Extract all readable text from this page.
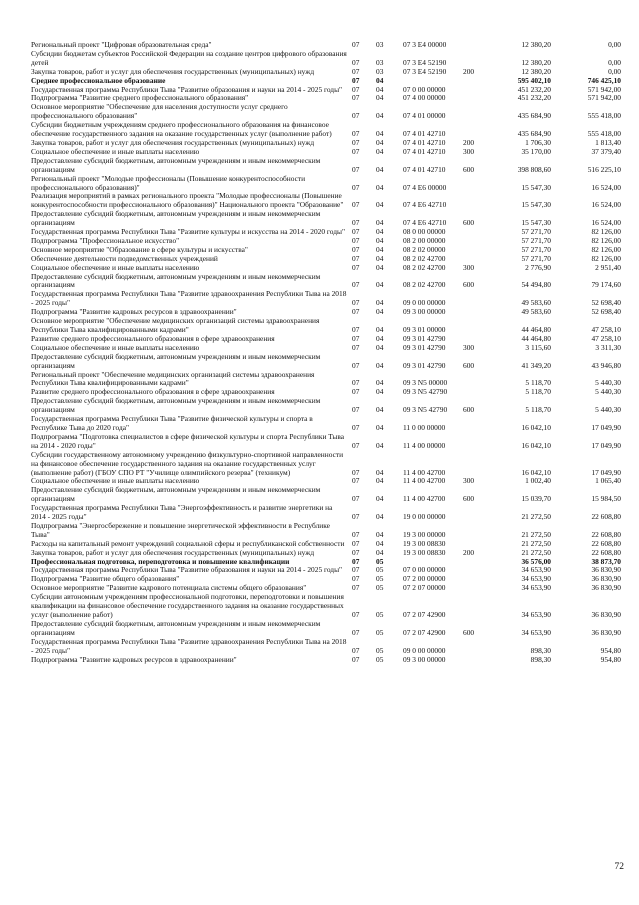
Региональный проект "Цифровая образовательная среда"	07	03	07 3 E4 00000		12 380,20	0,00
Субсидии бюджетам субъектов Российской Федерации на создание центров цифрового образования детей	07	03	07 3 E4 52190		12 380,20	0,00
Закупка товаров, работ и услуг для обеспечения государственных (муниципальных) нужд	07	03	07 3 E4 52190	200	12 380,20	0,00
Среднее профессиональное образование	07	04			595 402,10	746 425,10
Государственная программа Республики Тыва "Развитие образования и науки на 2014 - 2025 годы"	07	04	07 0 00 00000		451 232,20	571 942,00
Подпрограмма "Развитие среднего профессионального образования"	07	04	07 4 00 00000		451 232,20	571 942,00
Основное мероприятие "Обеспечение для населения доступности услуг среднего профессионального образования"	07	04	07 4 01 00000		435 684,90	555 418,00
Субсидии бюджетным учреждениям среднего профессионального образования на финансовое обеспечение государственного задания на оказание государственных услуг (выполнение работ)	07	04	07 4 01 42710		435 684,90	555 418,00
Закупка товаров, работ и услуг для обеспечения государственных (муниципальных) нужд	07	04	07 4 01 42710	200	1 706,30	1 813,40
Социальное обеспечение и иные выплаты населению	07	04	07 4 01 42710	300	35 170,00	37 379,40
Предоставление субсидий бюджетным, автономным учреждениям и иным некоммерческим организациям	07	04	07 4 01 42710	600	398 808,60	516 225,10
Региональный проект "Молодые профессионалы (Повышение конкурентоспособности профессионального образования)"	07	04	07 4 E6 00000		15 547,30	16 524,00
Реализация мероприятий в рамках регионального проекта "Молодые профессионалы (Повышение конкурентоспособности профессионального образования)" Национального проекта "Образование"	07	04	07 4 E6 42710		15 547,30	16 524,00
Предоставление субсидий бюджетным, автономным учреждениям и иным некоммерческим организациям	07	04	07 4 E6 42710	600	15 547,30	16 524,00
Государственная программа Республики Тыва "Развитие культуры и искусства на 2014 - 2020 годы"	07	04	08 0 00 00000		57 271,70	82 126,00
Подпрограмма "Профессиональное искусство"	07	04	08 2 00 00000		57 271,70	82 126,00
Основное мероприятие "Образование в сфере культуры и искусства"	07	04	08 2 02 00000		57 271,70	82 126,00
Обеспечение деятельности подведомственных учреждений	07	04	08 2 02 42700		57 271,70	82 126,00
Социальное обеспечение и иные выплаты населению	07	04	08 2 02 42700	300	2 776,90	2 951,40
Предоставление субсидий бюджетным, автономным учреждениям и иным некоммерческим организациям	07	04	08 2 02 42700	600	54 494,80	79 174,60
Государственная программа Республики Тыва "Развитие здравоохранения Республики Тыва на 2018 - 2025 годы"	07	04	09 0 00 00000		49 583,60	52 698,40
Подпрограмма "Развитие кадровых ресурсов в здравоохранении"	07	04	09 3 00 00000		49 583,60	52 698,40
Основное мероприятие "Обеспечение медицинских организаций системы здравоохранения Республики Тыва квалифицированными кадрами"	07	04	09 3 01 00000		44 464,80	47 258,10
Развитие среднего профессионального образования в сфере здравоохранения	07	04	09 3 01 42790		44 464,80	47 258,10
Социальное обеспечение и иные выплаты населению	07	04	09 3 01 42790	300	3 115,60	3 311,30
Предоставление субсидий бюджетным, автономным учреждениям и иным некоммерческим организациям	07	04	09 3 01 42790	600	41 349,20	43 946,80
Региональный проект "Обеспечение медицинских организаций системы здравоохранения Республики Тыва квалифицированными кадрами"	07	04	09 3 N5 00000		5 118,70	5 440,30
Развитие среднего профессионального образования в сфере здравоохранения	07	04	09 3 N5 42790		5 118,70	5 440,30
Предоставление субсидий бюджетным, автономным учреждениям и иным некоммерческим организациям	07	04	09 3 N5 42790	600	5 118,70	5 440,30
Государственная программа Республики Тыва "Развитие физической культуры и спорта в Республике Тыва до 2020 года"	07	04	11 0 00 00000		16 042,10	17 049,90
Подпрограмма "Подготовка специалистов в сфере физической культуры и спорта Республики Тыва на 2014 - 2020 годы"	07	04	11 4 00 00000		16 042,10	17 049,90
Субсидии государственному автономному учреждению физкультурно-спортивной направленности на финансовое обеспечение государственного задания на оказание государственных услуг (выполнение работ) (ГБОУ СПО РТ "Училище олимпийского резерва" (техникум)	07	04	11 4 00 42700		16 042,10	17 049,90
Социальное обеспечение и иные выплаты населению	07	04	11 4 00 42700	300	1 002,40	1 065,40
Предоставление субсидий бюджетным, автономным учреждениям и иным некоммерческим организациям	07	04	11 4 00 42700	600	15 039,70	15 984,50
Государственная программа Республики Тыва "Энергоэффективность и развитие энергетики на 2014 - 2025 годы"	07	04	19 0 00 00000		21 272,50	22 608,80
Подпрограмма "Энергосбережение и повышение энергетической эффективности в Республике Тыва"	07	04	19 3 00 00000		21 272,50	22 608,80
Расходы на капитальный ремонт учреждений социальной сферы и республиканской собственности	07	04	19 3 00 08830		21 272,50	22 608,80
Закупка товаров, работ и услуг для обеспечения государственных (муниципальных) нужд	07	04	19 3 00 08830	200	21 272,50	22 608,80
Профессиональная подготовка, переподготовка и повышение квалификации	07	05			36 576,00	38 873,70
Государственная программа Республики Тыва "Развитие образования и науки на 2014 - 2025 годы"	07	05	07 0 00 00000		34 653,90	36 830,90
Подпрограмма "Развитие общего образования"	07	05	07 2 00 00000		34 653,90	36 830,90
Основное мероприятие "Развитие кадрового потенциала системы общего образования"	07	05	07 2 07 00000		34 653,90	36 830,90
Субсидии автономным учреждениям профессиональной подготовки, переподготовки и повышения квалификации на финансовое обеспечение государственного задания на оказание государственных услуг (выполнение работ)	07	05	07 2 07 42900		34 653,90	36 830,90
Предоставление субсидий бюджетным, автономным учреждениям и иным некоммерческим организациям	07	05	07 2 07 42900	600	34 653,90	36 830,90
Государственная программа Республики Тыва "Развитие здравоохранения Республики Тыва на 2018 - 2025 годы"	07	05	09 0 00 00000		898,30	954,80
Подпрограмма "Развитие кадровых ресурсов в здравоохранении"	07	05	09 3 00 00000		898,30	954,80
72
